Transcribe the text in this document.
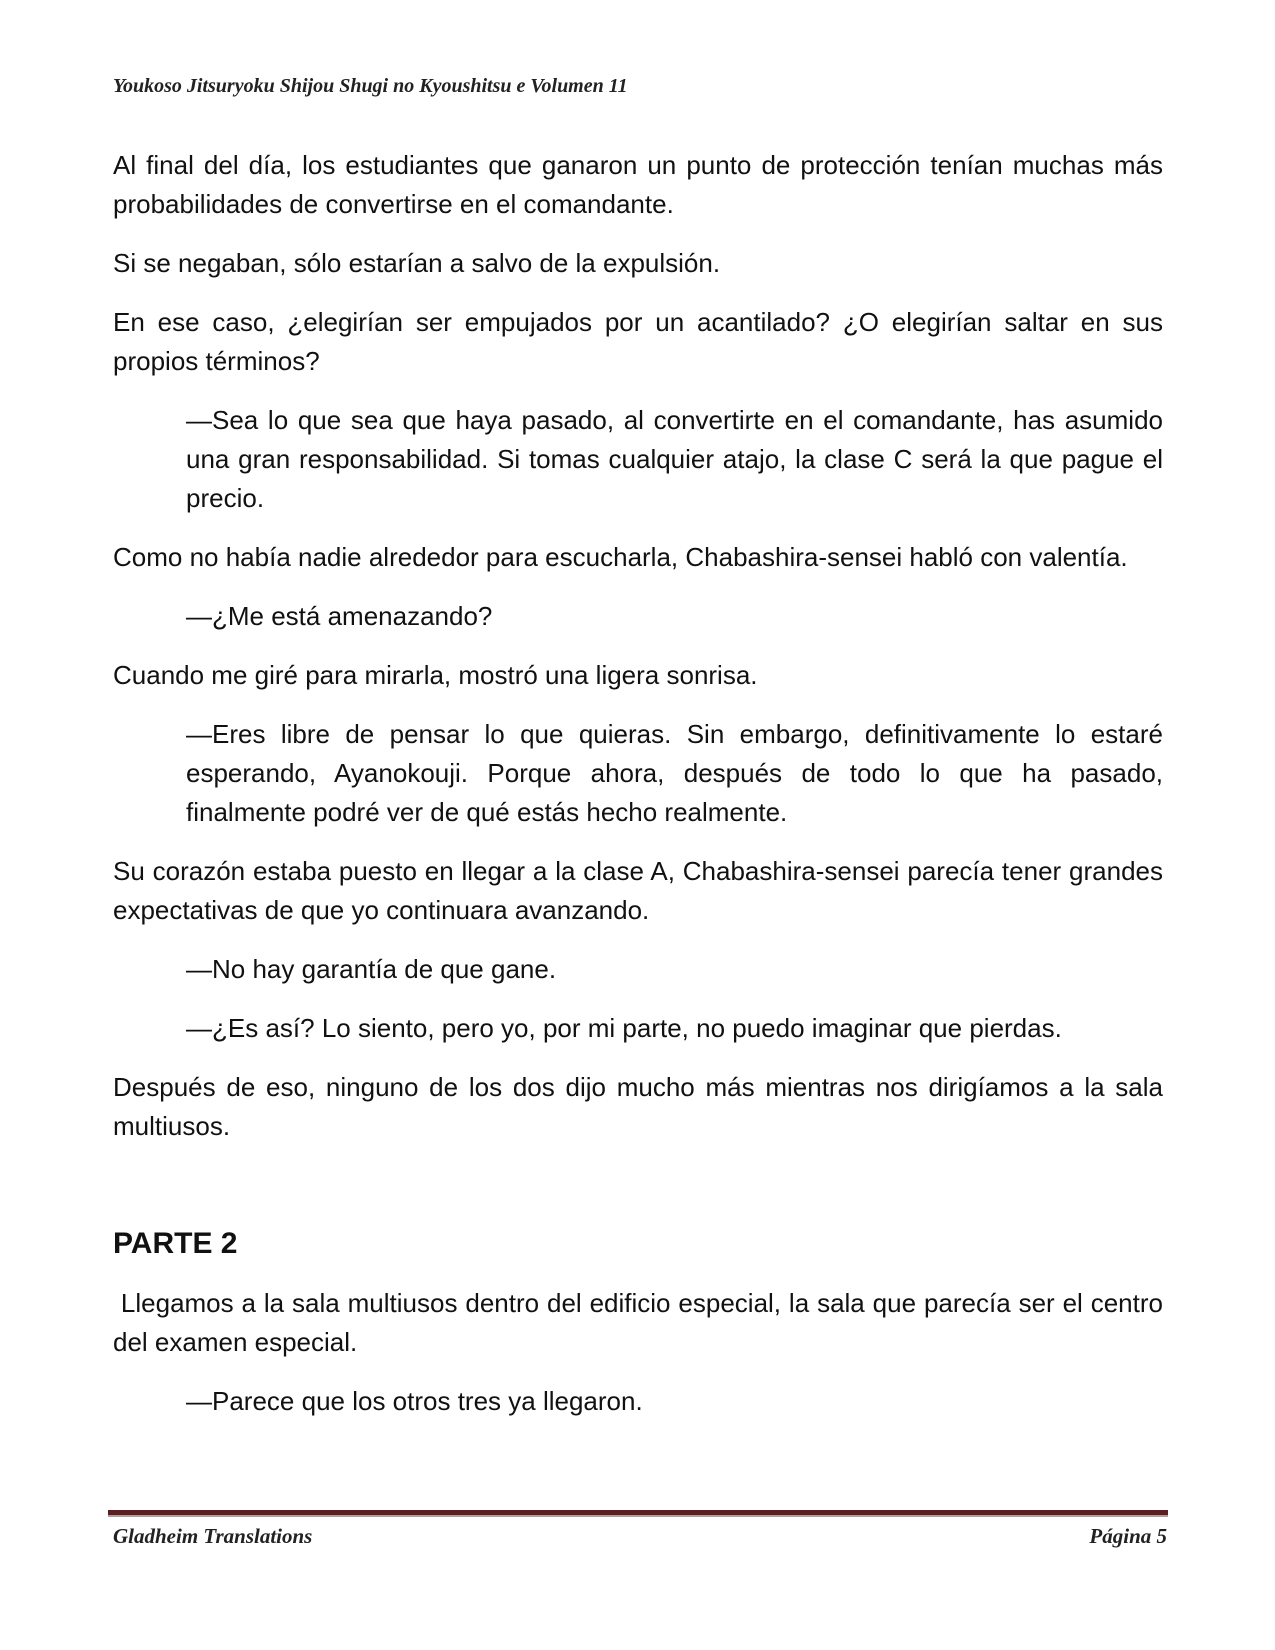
Youkoso Jitsuryoku Shijou Shugi no Kyoushitsu e Volumen 11

Al final del día, los estudiantes que ganaron un punto de protección tenían muchas más probabilidades de convertirse en el comandante.

Si se negaban, sólo estarían a salvo de la expulsión.

En ese caso, ¿elegirían ser empujados por un acantilado? ¿O elegirían saltar en sus propios términos?

—Sea lo que sea que haya pasado, al convertirte en el comandante, has asumido una gran responsabilidad. Si tomas cualquier atajo, la clase C será la que pague el precio.

Como no había nadie alrededor para escucharla, Chabashira-sensei habló con valentía.

—¿Me está amenazando?

Cuando me giré para mirarla, mostró una ligera sonrisa.

—Eres libre de pensar lo que quieras. Sin embargo, definitivamente lo estaré esperando, Ayanokouji. Porque ahora, después de todo lo que ha pasado, finalmente podré ver de qué estás hecho realmente.

Su corazón estaba puesto en llegar a la clase A, Chabashira-sensei parecía tener grandes expectativas de que yo continuara avanzando.

—No hay garantía de que gane.

—¿Es así? Lo siento, pero yo, por mi parte, no puedo imaginar que pierdas.

Después de eso, ninguno de los dos dijo mucho más mientras nos dirigíamos a la sala multiusos.

PARTE 2

Llegamos a la sala multiusos dentro del edificio especial, la sala que parecía ser el centro del examen especial.

—Parece que los otros tres ya llegaron.

Gladheim Translations	Página 5
